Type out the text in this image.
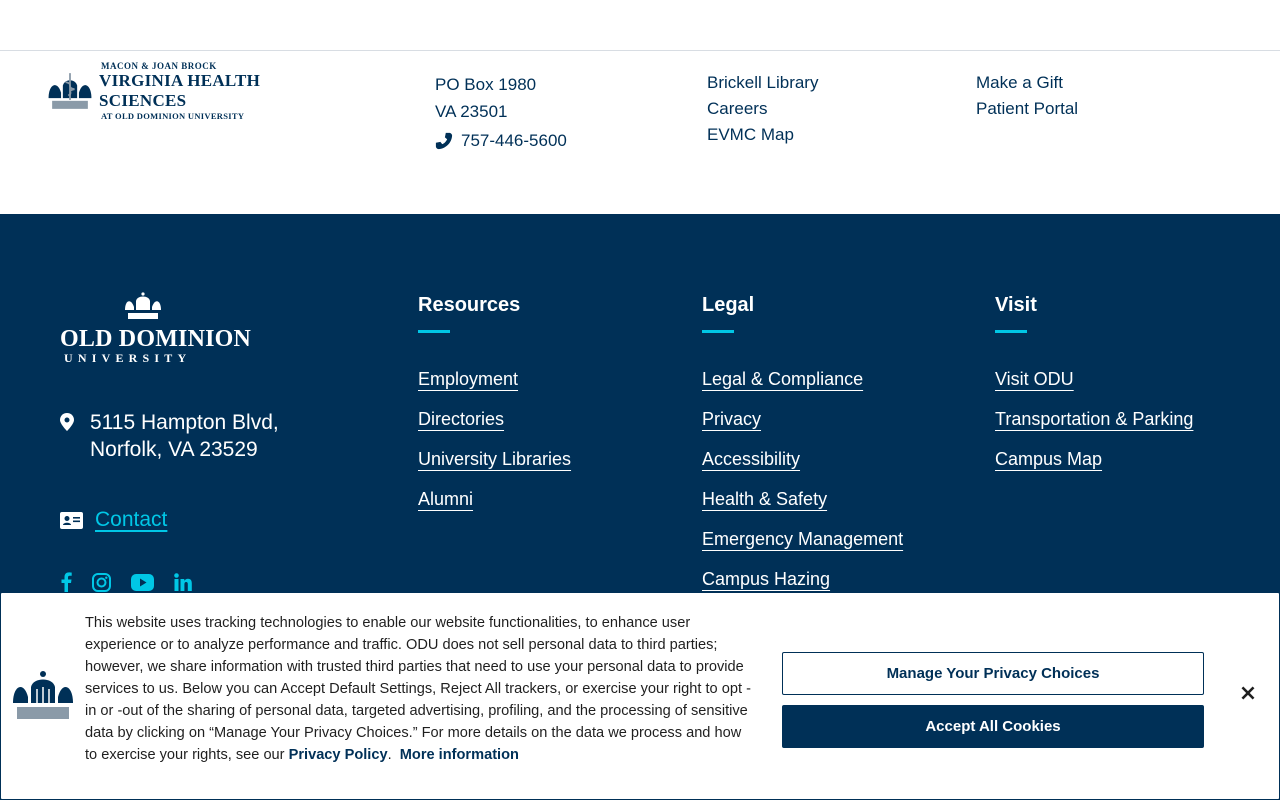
MACON & JOAN BROCK
VIRGINIA HEALTH SCIENCES
AT OLD DOMINION UNIVERSITY
PO Box 1980
VA 23501
757-446-5600
Brickell Library
Careers
EVMC Map
Make a Gift
Patient Portal
OLD DOMINION
UNIVERSITY
5115 Hampton Blvd,
Norfolk, VA 23529
Contact
Resources
Employment
Directories
University Libraries
Alumni
Legal
Legal & Compliance
Privacy
Accessibility
Health & Safety
Emergency Management
Campus Hazing
Visit
Visit ODU
Transportation & Parking
Campus Map

This website uses tracking technologies to enable our website functionalities, to enhance user experience or to analyze performance and traffic. ODU does not sell personal data to third parties; however, we share information with trusted third parties that need to use your personal data to provide services to us. Below you can Accept Default Settings, Reject All trackers, or exercise your right to opt -in or -out of the sharing of personal data, targeted advertising, profiling, and the processing of sensitive data by clicking on “Manage Your Privacy Choices.” For more details on the data we process and how to exercise your rights, see our Privacy Policy.  More information

Manage Your Privacy Choices
Accept All Cookies
×
